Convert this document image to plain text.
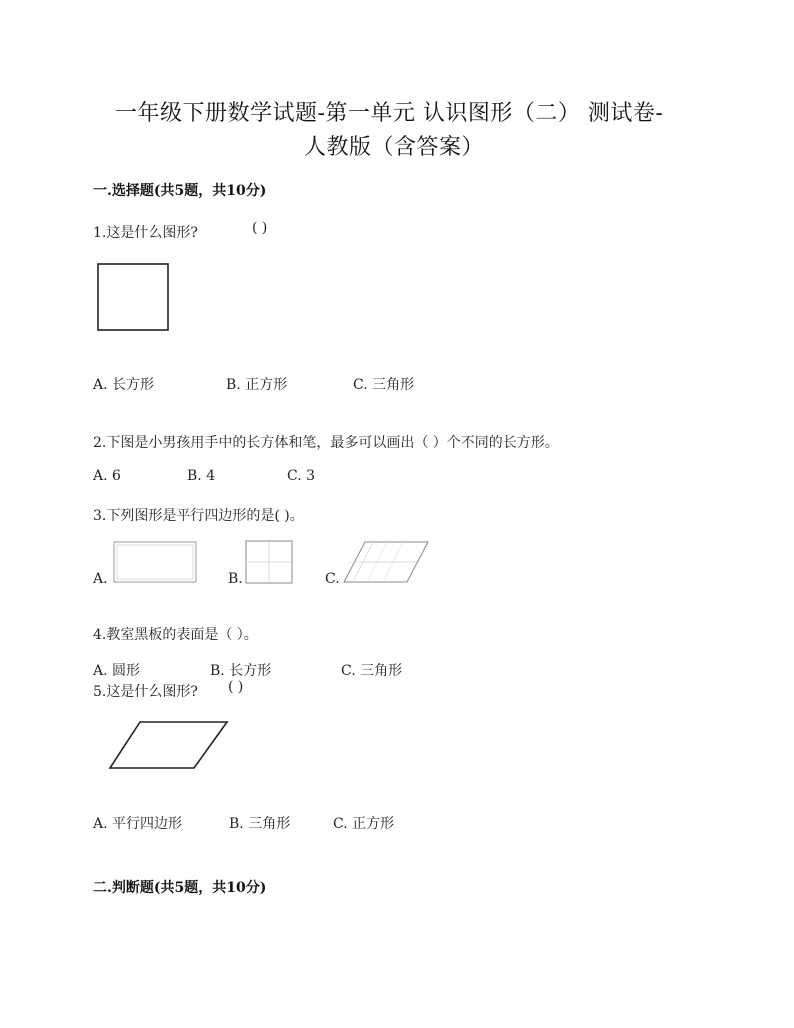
一年级下册数学试题-第一单元 认识图形（二） 测试卷-
人教版（含答案）
一.选择题(共5题，共10分)
1.这是什么图形?	( )
A. 长方形	B. 正方形	C. 三角形
2.下图是小男孩用手中的长方体和笔，最多可以画出（ ）个不同的长方形。
A. 6	B. 4	C. 3
3.下列图形是平行四边形的是( )。
A.	B.	C.
4.教室黑板的表面是（ ）。
A. 圆形	B. 长方形	C. 三角形
5.这是什么图形? ( )
A. 平行四边形	B. 三角形	C. 正方形
二.判断题(共5题，共10分)
